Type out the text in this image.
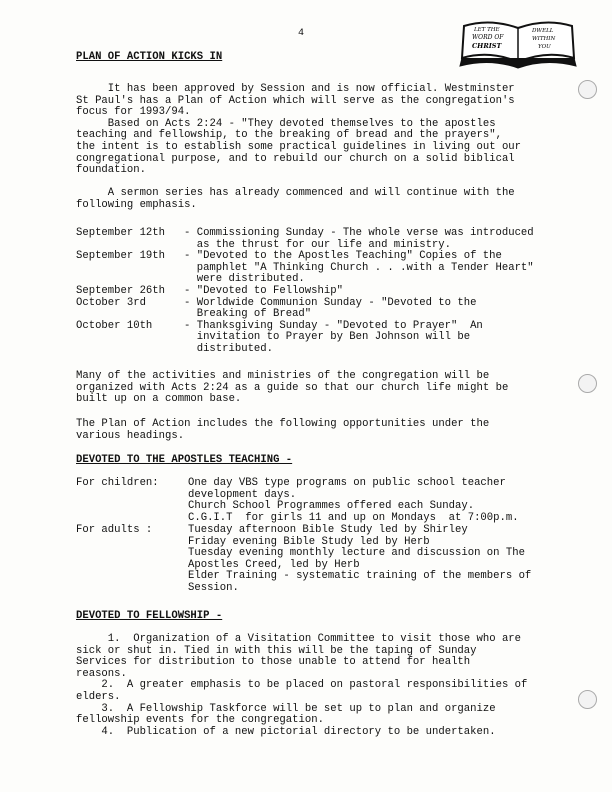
4	LET THE
WORD OF
CHRIST
DWELL
WITHIN
YOU
PLAN OF ACTION KICKS IN
It has been approved by Session and is now official. Westminster
St Paul's has a Plan of Action which will serve as the congregation's
focus for 1993/94.
Based on Acts 2:24 - "They devoted themselves to the apostles
teaching and fellowship, to the breaking of bread and the prayers",
the intent is to establish some practical guidelines in living out our
congregational purpose, and to rebuild our church on a solid biblical
foundation.
A sermon series has already commenced and will continue with the
following emphasis.
September 12th - Commissioning Sunday - The whole verse was introduced
as the thrust for our life and ministry.
September 19th - "Devoted to the Apostles Teaching" Copies of the
pamphlet "A Thinking Church . . .with a Tender Heart"
were distributed.
September 26th - "Devoted to Fellowship"
October 3rd	- Worldwide Communion Sunday - "Devoted to the
Breaking of Bread"
October 10th	- Thanksgiving Sunday - "Devoted to Prayer"  An
invitation to Prayer by Ben Johnson will be
distributed.
Many of the activities and ministries of the congregation will be
organized with Acts 2:24 as a guide so that our church life might be
built up on a common base.
The Plan of Action includes the following opportunities under the
various headings.
DEVOTED TO THE APOSTLES TEACHING -
For children:	One day VBS type programs on public school teacher
development days.
Church School Programmes offered each Sunday.
C.G.I.T  for girls 11 and up on Mondays  at 7:00p.m.
For adults :	Tuesday afternoon Bible Study led by Shirley
Friday evening Bible Study led by Herb
Tuesday evening monthly lecture and discussion on The
Apostles Creed, led by Herb
Elder Training - systematic training of the members of
Session.
DEVOTED TO FELLOWSHIP -
1.  Organization of a Visitation Committee to visit those who are
sick or shut in. Tied in with this will be the taping of Sunday
Services for distribution to those unable to attend for health
reasons.
2.  A greater emphasis to be placed on pastoral responsibilities of
elders.
3.  A Fellowship Taskforce will be set up to plan and organize
fellowship events for the congregation.
4.  Publication of a new pictorial directory to be undertaken.
